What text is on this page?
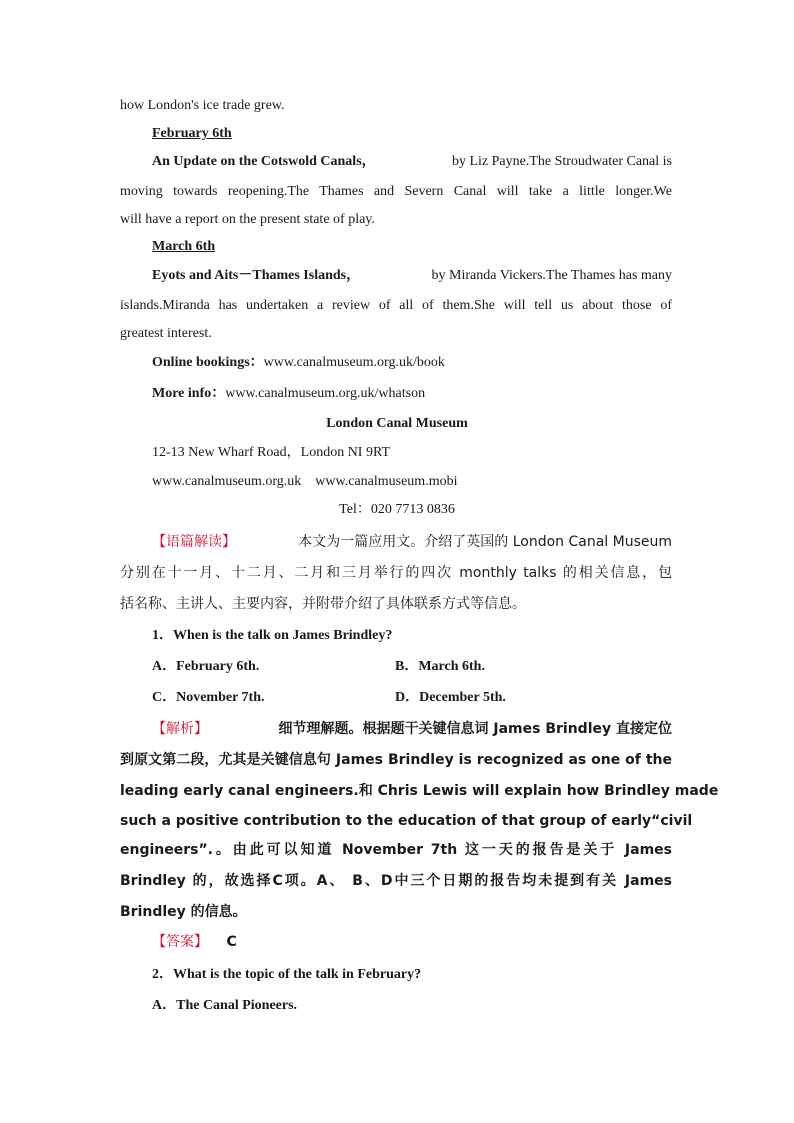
how London's ice trade grew.
February 6th
An Update on the Cotswold Canals，	by Liz Payne.The Stroudwater Canal is
moving towards reopening.The Thames and Severn Canal will take a little longer.We
will have a report on the present state of play.
March 6th
Eyots and Aits－Thames Islands，	by Miranda Vickers.The Thames has many
islands.Miranda has undertaken a review of all of them.She will tell us about those of
greatest interest.
Online bookings：www.canalmuseum.org.uk/book
More info：www.canalmuseum.org.uk/whatson
London Canal Museum
12-13 New Wharf Road，London NI 9RT
www.canalmuseum.org.uk    www.canalmuseum.mobi
Tel：020 7713 0836
【语篇解读】	本文为一篇应用文。介绍了英国的 London Canal Museum
分别在十一月、十二月、二月和三月举行的四次 monthly talks 的相关信息，包
括名称、主讲人、主要内容，并附带介绍了具体联系方式等信息。
1．When is the talk on James Brindley?
A．February 6th.	B．March 6th.
C．November 7th.	D．December 5th.
【解析】	细节理解题。根据题干关键信息词 James Brindley 直接定位
到原文第二段，尤其是关键信息句 James Brindley is recognized as one of the
leading early canal engineers.和 Chris Lewis will explain how Brindley made
such a positive contribution to the education of that group of early“civil
engineers”.。由此可以知道 November 7th 这一天的报告是关于 James
Brindley 的，故选择C项。A、 B、D中三个日期的报告均未提到有关 James
Brindley 的信息。
【答案】 C
2．What is the topic of the talk in February?
A．The Canal Pioneers.
